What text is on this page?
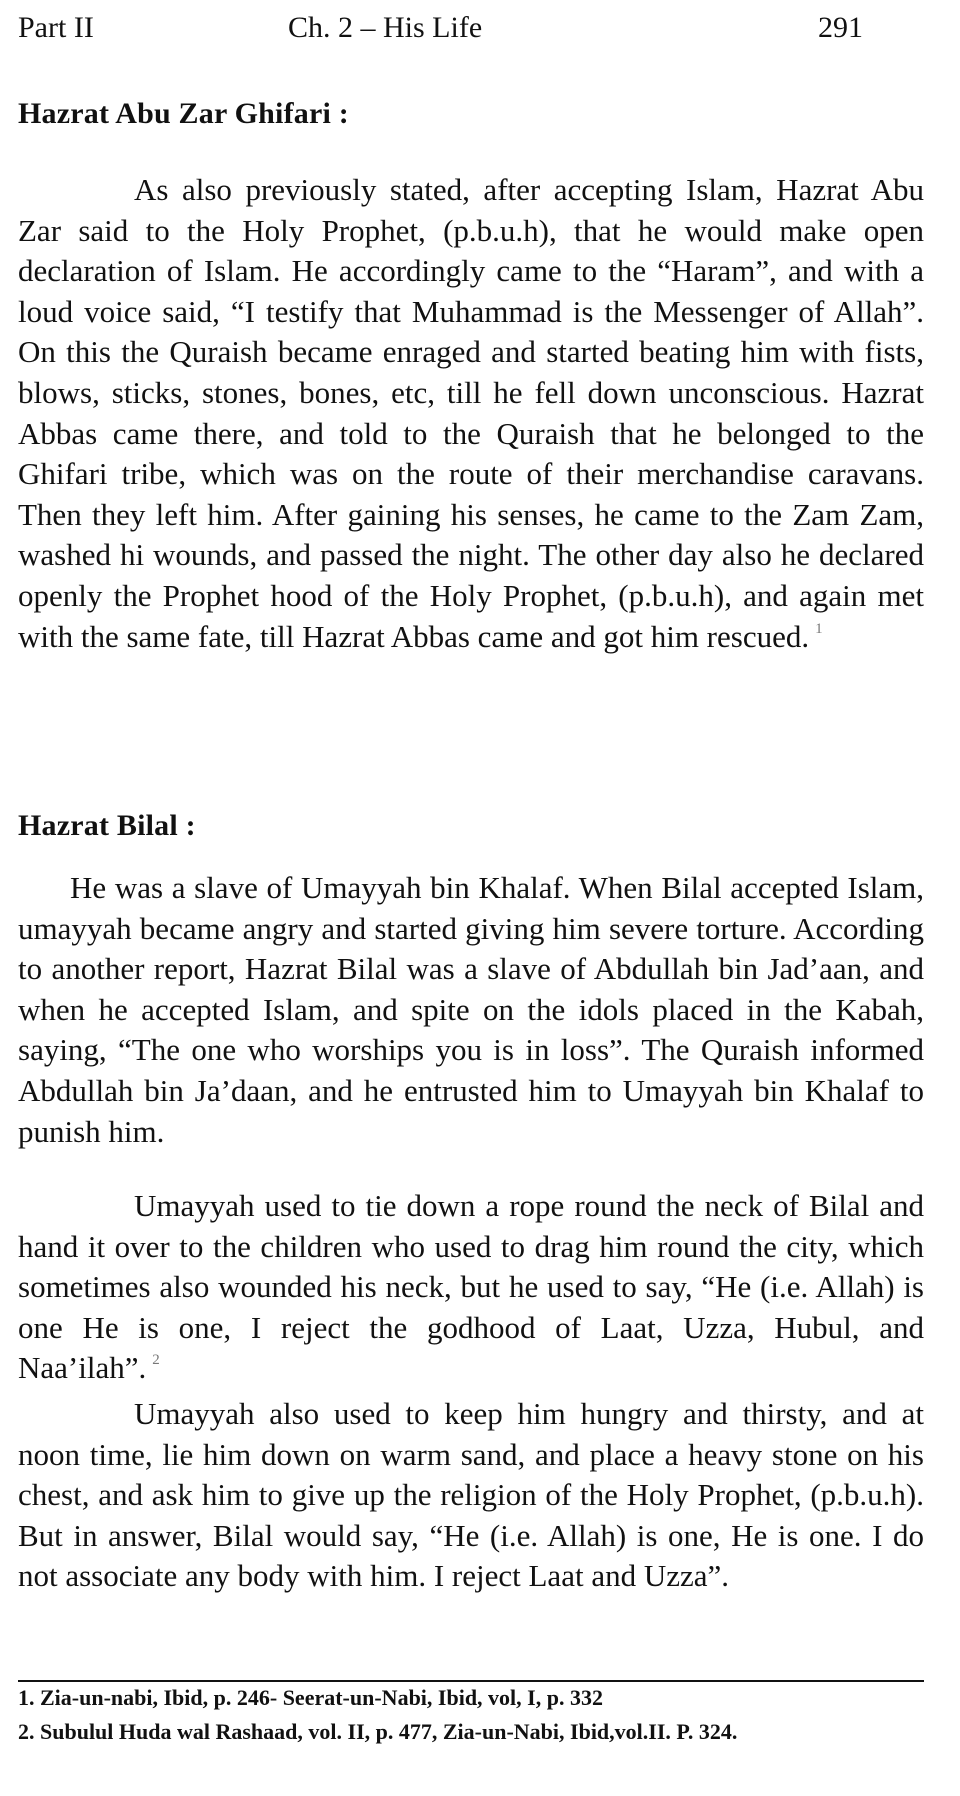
Part II	Ch. 2 – His Life	291
Hazrat Abu Zar Ghifari :

As also previously stated, after accepting Islam, Hazrat Abu Zar said to the Holy Prophet, (p.b.u.h), that he would make open declaration of Islam. He accordingly came to the “Haram”, and with a loud voice said, “I testify that Muhammad is the Messenger of Allah”. On this the Quraish became enraged and started beating him with fists, blows, sticks, stones, bones, etc, till he fell down unconscious. Hazrat Abbas came there, and told to the Quraish that he belonged to the Ghifari tribe, which was on the route of their merchandise caravans. Then they left him. After gaining his senses, he came to the Zam Zam, washed hi wounds, and passed the night. The other day also he declared openly the Prophet hood of the Holy Prophet, (p.b.u.h), and again met with the same fate, till Hazrat Abbas came and got him rescued. $^1$

Hazrat Bilal :

He was a slave of Umayyah bin Khalaf. When Bilal accepted Islam, umayyah became angry and started giving him severe torture. According to another report, Hazrat Bilal was a slave of Abdullah bin Jad’aan, and when he accepted Islam, and spite on the idols placed in the Kabah, saying, “The one who worships you is in loss”. The Quraish informed Abdullah bin Ja’daan, and he entrusted him to Umayyah bin Khalaf to punish him.

Umayyah used to tie down a rope round the neck of Bilal and hand it over to the children who used to drag him round the city, which sometimes also wounded his neck, but he used to say, “He (i.e. Allah) is one He is one, I reject the godhood of Laat, Uzza, Hubul, and Naa’ilah”. $^2$

Umayyah also used to keep him hungry and thirsty, and at noon time, lie him down on warm sand, and place a heavy stone on his chest, and ask him to give up the religion of the Holy Prophet, (p.b.u.h). But in answer, Bilal would say, “He (i.e. Allah) is one, He is one. I do not associate any body with him. I reject Laat and Uzza”.

1. Zia-un-nabi, Ibid, p. 246- Seerat-un-Nabi, Ibid, vol, I, p. 332
2. Subulul Huda wal Rashaad, vol. II, p. 477, Zia-un-Nabi, Ibid,vol.II. P. 324.
